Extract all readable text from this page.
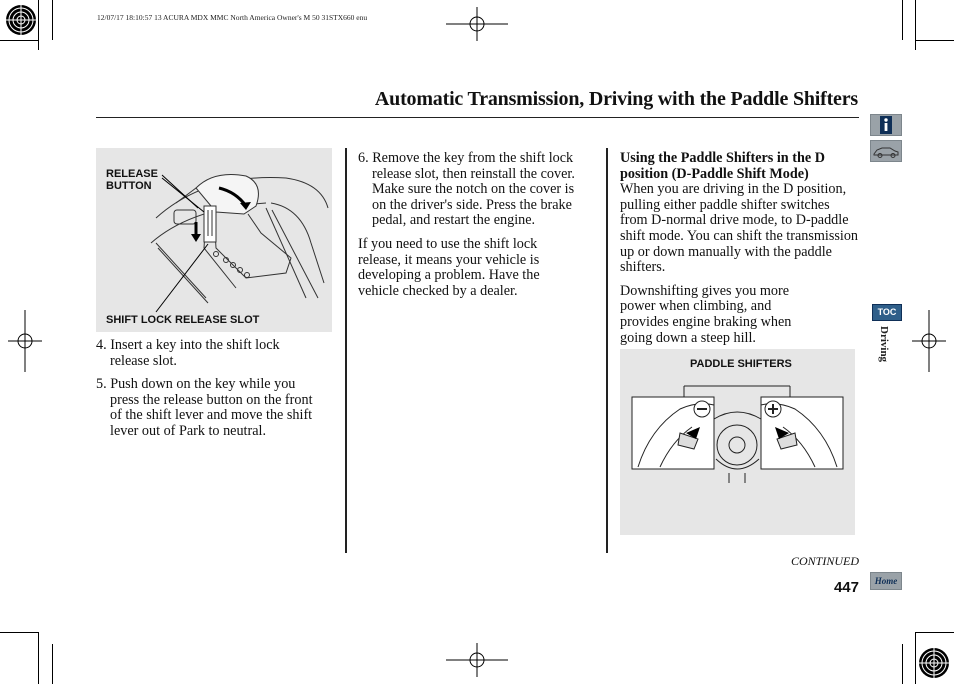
12/07/17 18:10:57 13 ACURA MDX MMC North America Owner's M 50 31STX660 enu
Automatic Transmission, Driving with the Paddle Shifters
TOC
Driving
RELEASE
BUTTON
SHIFT LOCK RELEASE SLOT
4. Insert a key into the shift lock release slot.
5. Push down on the key while you press the release button on the front of the shift lever and move the shift lever out of Park to neutral.
6. Remove the key from the shift lock release slot, then reinstall the cover. Make sure the notch on the cover is on the driver's side. Press the brake pedal, and restart the engine.
If you need to use the shift lock release, it means your vehicle is developing a problem. Have the vehicle checked by a dealer.
Using the Paddle Shifters in the D position (D-Paddle Shift Mode)
When you are driving in the D position, pulling either paddle shifter switches from D-normal drive mode, to D-paddle shift mode. You can shift the transmission up or down manually with the paddle shifters.
Downshifting gives you more power when climbing, and provides engine braking when going down a steep hill.
PADDLE SHIFTERS
CONTINUED
447	Home
